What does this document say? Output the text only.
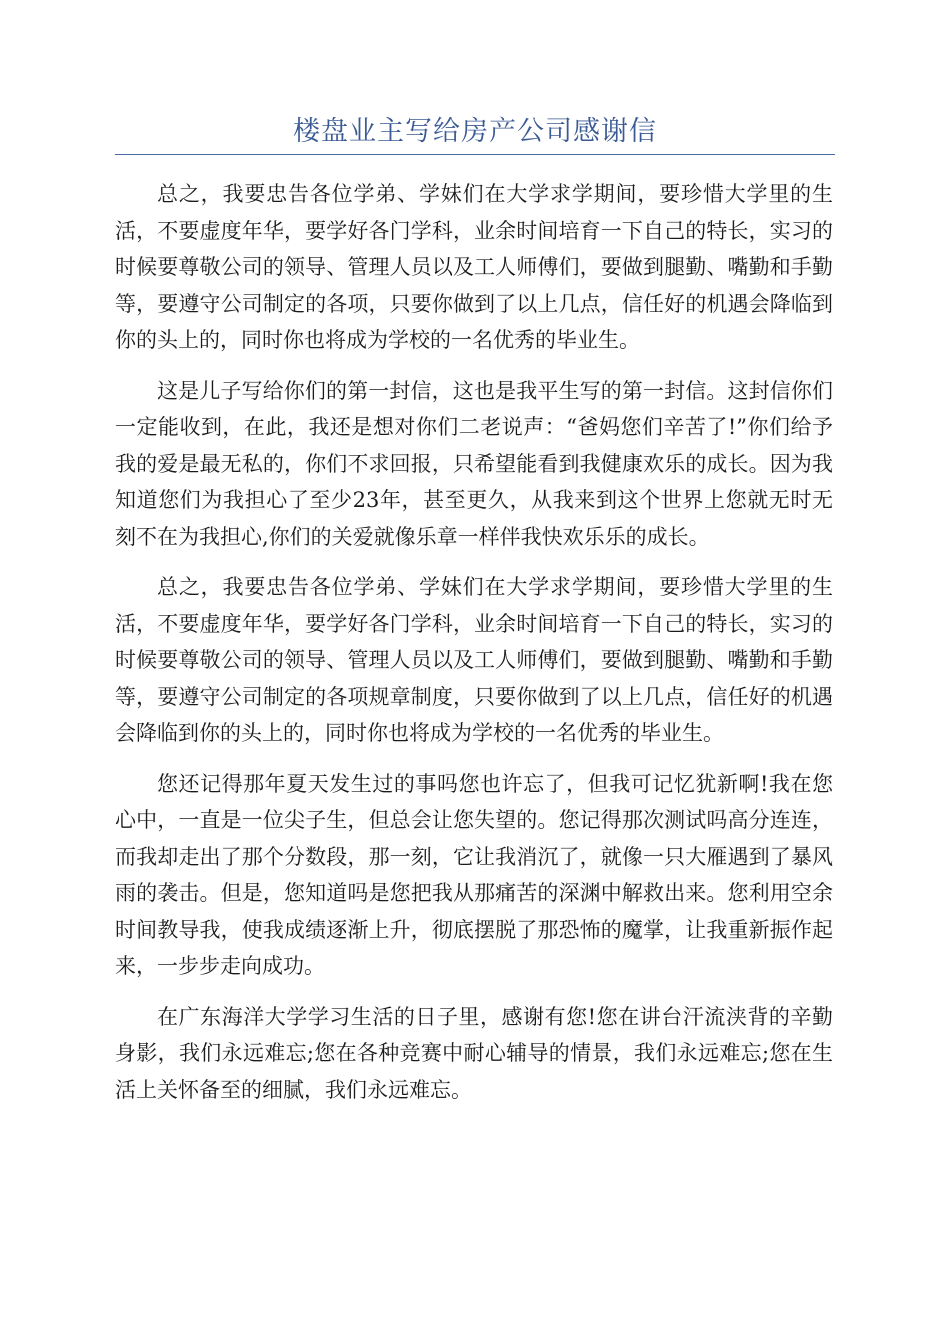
楼盘业主写给房产公司感谢信

总之，我要忠告各位学弟、学妹们在大学求学期间，要珍惜大学里的生活，不要虚度年华，要学好各门学科，业余时间培育一下自己的特长，实习的时候要尊敬公司的领导、管理人员以及工人师傅们，要做到腿勤、嘴勤和手勤等，要遵守公司制定的各项，只要你做到了以上几点，信任好的机遇会降临到你的头上的，同时你也将成为学校的一名优秀的毕业生。

这是儿子写给你们的第一封信，这也是我平生写的第一封信。这封信你们一定能收到，在此，我还是想对你们二老说声：“爸妈您们辛苦了!”你们给予我的爱是最无私的，你们不求回报，只希望能看到我健康欢乐的成长。因为我知道您们为我担心了至少23年，甚至更久，从我来到这个世界上您就无时无刻不在为我担心,你们的关爱就像乐章一样伴我快欢乐乐的成长。

总之，我要忠告各位学弟、学妹们在大学求学期间，要珍惜大学里的生活，不要虚度年华，要学好各门学科，业余时间培育一下自己的特长，实习的时候要尊敬公司的领导、管理人员以及工人师傅们，要做到腿勤、嘴勤和手勤等，要遵守公司制定的各项规章制度，只要你做到了以上几点，信任好的机遇会降临到你的头上的，同时你也将成为学校的一名优秀的毕业生。

您还记得那年夏天发生过的事吗您也许忘了，但我可记忆犹新啊!我在您心中，一直是一位尖子生，但总会让您失望的。您记得那次测试吗高分连连，而我却走出了那个分数段，那一刻，它让我消沉了，就像一只大雁遇到了暴风雨的袭击。但是，您知道吗是您把我从那痛苦的深渊中解救出来。您利用空余时间教导我，使我成绩逐渐上升，彻底摆脱了那恐怖的魔掌，让我重新振作起来，一步步走向成功。

在广东海洋大学学习生活的日子里，感谢有您!您在讲台汗流浃背的辛勤身影，我们永远难忘;您在各种竞赛中耐心辅导的情景，我们永远难忘;您在生活上关怀备至的细腻，我们永远难忘。
